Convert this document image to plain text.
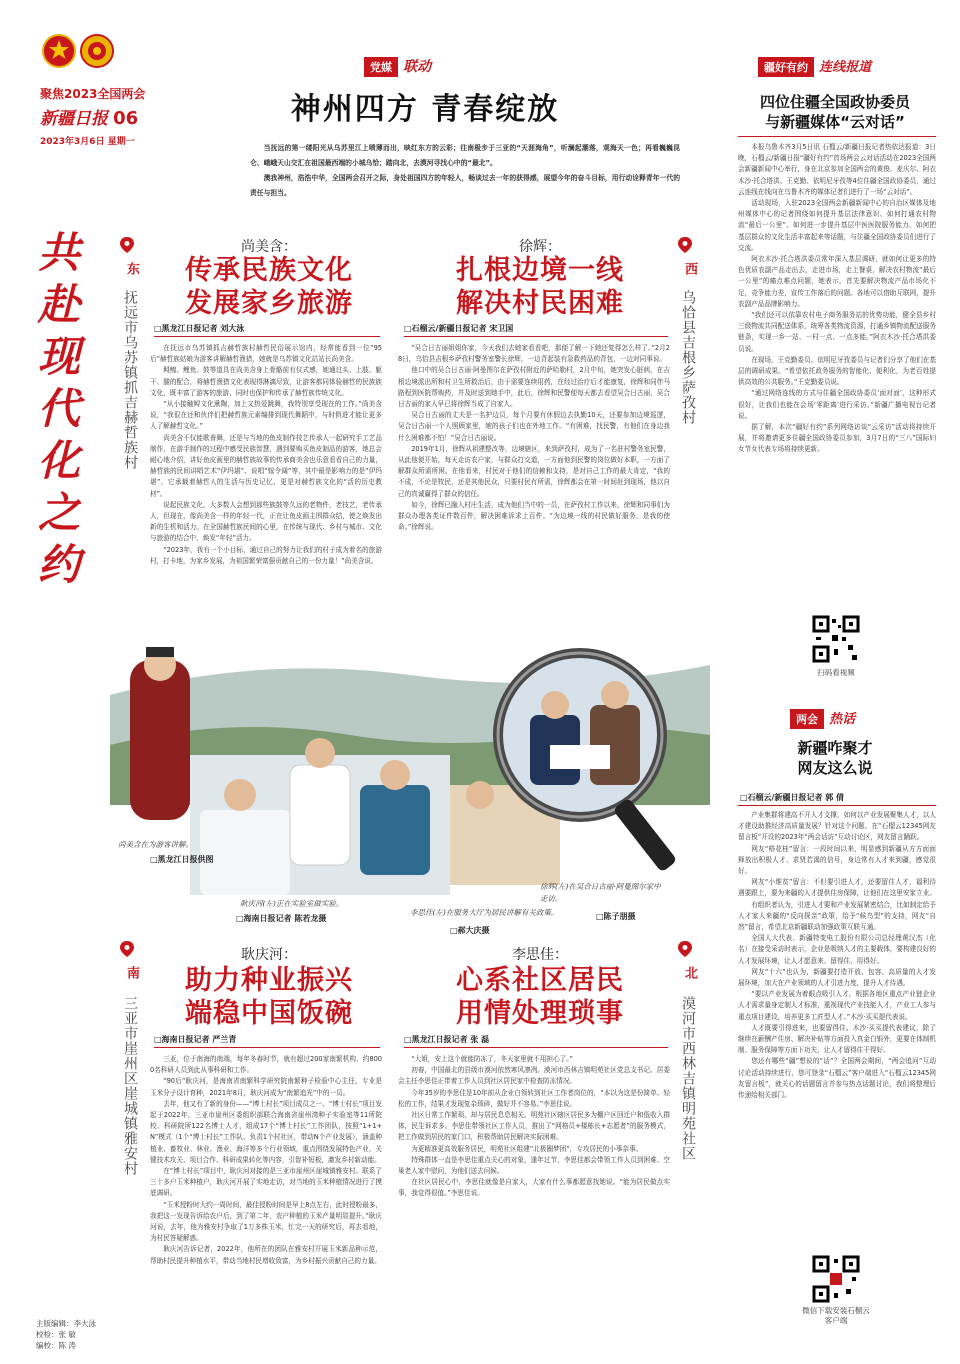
聚焦2023全国两会
新疆日报 06
2023年3月6日 星期一
共赴现代化之约
党媒 联动
神州四方 青春绽放
当抚远的第一缕阳光从乌苏里江上喷薄而出，映红东方的云彩；往南极步于三亚的“天涯海角”，听澜起潮落，观海天一色；再看巍巍昆仑、峨峨天山交汇在祖国最西端的小城乌恰；踏向北，去漠河寻找心中的“最北”。
澳我神州，浩浩中华，全国两会召开之际，身处祖国四方的年轻人，畅谈过去一年的获得感，展望今年的奋斗目标，用行动诠释青年一代的责任与担当。
东
抚远市乌苏镇抓吉赫哲族村
尚美含：
传承民族文化
发展家乡旅游
□黑龙江日报记者 刘大泳

在抚远市乌苏镇抓吉赫哲族村赫哲民俗展示馆内，经常能看到一位“95后”赫哲族姑娘为游客讲解赫哲渔猎，她就是乌苏镇文化站站长尚美含。

鲟鳇、鲤鱼、鼓等道具在尚美含身上骨骼前有仪式感，她通过头、上肢、躯干、腿的配合，将赫哲渔猎文化表现得淋漓尽致，让游客都同体验赫哲的民族族文化，既丰富了游客的旅游，同时也保护和传承了赫哲族传统文化。

“从小接触鲟文化熏陶，加上又热爱跳舞，我特别享受现在的工作。”尚美含说，“我很在还和伙伴们把赫哲族元素编排到现代舞蹈中，与时俱进才能让更多人了解赫哲文化。”

尚美含不仅能歌善舞，还是与当地的鱼皮制作技艺传承人一起研究手工艺品制作，在游手制作的过程中感受民族智慧，遇到要购买鱼皮制品的游客，她总会耐心地介绍，讲好鱼皮画里的赫哲族故事的传承商美含也乐意看看自己的力量，赫哲族的民间讲唱艺术“伊玛堪”、说唱“嫁令阔”等，其中最是影响力的是“伊玛堪”，它承载着赫哲人的生活与历史记忆，更是对赫哲族文化的“活的历史教材”。

说起民族文化，大多数人会想到那些族鼓等久远的老物件，老技艺，老传承人，但现在，像尚美含一样的年轻一代，正在让鱼皮画主围群众结，使之焕发出新的生机和活力。在全国赫哲族民间的心里，在传统与现代、乡村与城市、文化与旅游的结合中，焕发“年轻”活力。

“2023年，我有一个小目标，通过自己的努力让我们的村子成为着名的旅游村，打卡地，为家乡发展，为祖国繁荣富强贡献自己的一份力量！”尚美含说。

西
乌恰县吉根乡萨孜村
徐辉：
扎根边境一线
解决村民困难
□石榴云/新疆日报记者 宋卫国

“吴合日古丽姐姐你家，今天我们去她家看看吧，那便了解一下她还复得怎么样了。”2月28日，乌恰县吉根乡萨孜村警务室警长徐辉，一边背起装有急救药品的背包，一边对同事说。

他口中的吴合日古丽·阿曼图尔在萨孜村附近的萨哈勒村，2月中旬，她突发心脏病，在吉根边境派出所和村卫生所救治后，由于需要连续用药，在经过治疗后才能康复，徐辉和同伴马路程到医院帮购药，并及时送到她手中，此后，徐辉和民警便每天都去看望吴合日古丽，吴合日古丽的家人早已将徐辉当成了自家人。

吴合日古丽的丈夫是一名护边员，每个月要有休假边去执勤10天，还要参加边境巡逻，吴合日古丽一个人照顾家里，她的孩子们也在外地工作。“有困难，找民警，有他们在身边我什么困难都不怕！”吴合日古丽说。

2019年1月，徐辉从祖建整改等，边境辖区，来到萨孜村，成为了一名驻村警务室民警，从此他便开始，每天走访农户家，与群众打交道，一方面他到民警的岗位做好本职，一方面了解群众所需所困。在他看来，村民对于他们的信赖和支持，是对自己工作的最大肯定，“我的不成，不论是牧民，还是其他民众，只要村民有所需，徐辉都会在第一时间赶到现场，他以自己的真诚赢得了群众的信任。

如今，徐辉已融入村庄生活，成为他们当中的一员，在萨孜村工作以来，徐辉和同事们为群众办理各类证件数百件，解决困难诉求上百件。“为边境一线的村民做好服务，是我的使命。”徐辉说。

尚美含在为游客讲解。
□黑龙江日报供图
耿庆河(左)正在实验室做实验。
□海南日报记者 陈若龙摄
李思佳(左)在服务大厅为居民讲解有关政策。
□郝大庆摄
徐辉(左)在吴合日古丽·阿曼图尔家中走访。
□陈子朋摄
南
三亚市崖州区崖城镇雅安村
耿庆河：
助力种业振兴
端稳中国饭碗
□海南日报记者 严兰青

三亚，位于南海的南端，每年冬春时节，就有超过200家南繁机构、约8000名科研人员到此从事科研和工作。

“90后”耿庆河，是海南省南繁科学研究院南繁种子检验中心主任，专业是玉米分子设计育种，2021年8月，耿庆河成为“南繁追光”中的一员。

去年，他又有了新的身份——“博士村长”项目成员之一。“博士村长”项目发起于2022年，三亚市崖州区委组织部联合海南省崖州湾种子实验室等11所院校、科研院所122名博士人才，组成17个“博士村长”工作团队，按照“1+1+N”模式（1个“博士村长”工作队、负责1个村社区，带动N个产业发展），涵盖种植业、畜牧业、林业、渔业、海洋等多个行业领域，重点围绕发展特色产业、关键技术攻关、项目合作、科研成果转化等内容，引智补短板，激发乡村新动能。

在“博士村长”项目中，耿庆河对接的是三亚市崖州区崖城镇雅安村。联系了三十多户玉米种植户，耿庆河开展了实地走访，对当地的玉米种植情况进行了摸底调研。

“玉米授粉时大约一周时间，最佳授粉时间是早上8点左右，此时授粉最多，我把这一发现告诉给农户后，到了第二年，农户种植的玉米产量明显提升。”耿庆河说，去年，他为雅安村争取了1万多株玉米，忙完一天的研究后，再去看地，为村民答疑解惑。

耿庆河告诉记者，2022年，他所在的团队在雅安村开展玉米新品种示范，帮助村民提升种植水平，带动当地村民增收致富，为乡村振兴贡献自己的力量。

北
漠河市西林吉镇明苑社区
李思佳：
心系社区居民
用情处理琐事
□黑龙江日报记者 张 磊

“大姐，安上这个就能防冻了，冬天家里就不用担心了。”

初春，中国最北的县级市漠河依然寒风凛冽。漠河市西林吉镇明苑社区党总支书记、居委会主任李思佳正带着工作人员到社区居民家中检查防冻情况。

今年35岁的李思佳是10年前从企业白领转到社区工作者岗位的，“本以为这是份简单、轻松的工作，结果才发现复杂琐碎，做好并不容易。”李思佳说。

社区日常工作繁琐，却与居民息息相关。明苑社区辖区居民多为棚户区回迁户和低收入群体，民生诉求多。李思佳带领社区工作人员，推出了“网格员+楼栋长+志愿者”的服务模式，把工作做到居民的家门口，积极帮助居民解决实际困难。

为更精准更高效服务居民，明苑社区组建“北极圈梦团”，专攻居民的小事杂事。

特殊群体一直是李思佳重点关心的对象，逢年过节，李思佳都会带领工作人员到困难、空巢老人家中慰问，为他们送去问候。

在社区居民心中，李思佳就像是自家人，大家有什么事都愿意找她说。“能为居民做点实事，我觉得很值。”李思佳说。

主版编辑：李大泳
校检：张 敏
编校：陈 涛
疆好有约 连线报道
四位住疆全国政协委员
与新疆媒体“云对话”

本报乌鲁木齐3月5日讯 石榴云/新疆日报记者热依达报道：3日晚，石榴云/新疆日报“疆好有约”首场两会云对话活动在2023全国两会新疆新闻中心举行，身在北京参加全国两会的黄俊、麦庆尔、阿衣木沙·托合塔洪、王克勤、依明尼牙孜等4位住疆全国政协委员，通过云连线在线向在乌鲁木齐的媒体记者们进行了一场“云对话”。

活动现场，入驻2023全国两会新疆新闻中心的自治区媒体及地州媒体中心的记者围绕如何提升基层法律意识、如何打通农村物流“最后一公里”、如何进一步提升基层中医医院服务能力、如何把基层群众的文化生活丰富起来等话题，与住疆全国政协委员们进行了交流。

阿衣木沙·托合塔洪委员常年深入基层调研，就如何让更多的特色优质农副产品走出去，走进市场，走上餐桌，解决农村物流“最后一公里”的痛点难点问题，她表示，首先要解决物流产品市场化不足，竞争能力差，宣传工作落后的问题。各地可以借助互联网，提升农副产品品牌影响力。

“我们还可以依靠农村电子商务服务站的优势功能，健全县乡村三级物流共同配送体系，统筹各类物流资源，打通乡镇物流配送服务链条，实现一乡一站、一村一点、一点多能。”阿衣木沙·托合塔洪委员说。

在现场，王克勤委员、依明尼牙孜委员与记者们分享了他们在基层的调研成果。“希望依托政务服务的智能化、便利化，为老百姓提供高效的公共服务。”王克勤委员说。

“通过网络连线的方式与住疆全国政协委员‘面对面’，这种形式很好，让我们也能在会场‘零距离’进行采访。”新疆广播电视台记者说。

据了解，本次“疆好有约”系列网络访谈“云采访”活动将持续开展，并将邀请更多住疆全国政协委员参加，3月7日的“三八”国际妇女节女代表专场将持续更新。

扫码看视频
两会 热话
新疆咋聚才
网友这么说
□石榴云/新疆日报记者 郭 倩

产业集群将建高不开人才支撑，如何以产业发展聚集人才，以人才建设助推经济高质量发展？针对这个问题，在“石榴云12345网友留言板”开设的2023年“两会话访”互动讨论区，网友留言踊跃。

网友“格花桂”留言：一段时间以来，明显感到新疆从方方面面释放出积极人才、求贤若渴的信号，身边常有人才来到疆，感觉很好。

网友“小维贫”留言：不但要引进人才，还要留住人才，福利待遇要跟上，要为来疆的人才提供住房保障，让他们在这里安家立业。

有组织者认为，引进人才要和产业发展紧密结合，比如制定给予人才家人来疆的“反向探亲”政策，给予“候鸟型”的支持，网友“自然”留言，希望北京新疆联动加强政策互联互通。

全国人大代表、新疆特变电工股份有限公司总经理黄汉杰（化名）在接受采访时表示，企业是吸纳人才的主要载体，要构建良好的人才发展环境，让人才愿意来、留得住、用得好。

网友“十六”也认为，新疆要打造开放、包容、高质量的人才发展环境，加大在产业领域的人才引进力度，提升人才待遇。

“要以产业发展为着眼点吸引人才，根据各地区重点产业链企业人才需求量身定制人才标准，重视现代产业技能人才，产业工人参与重点项目建设，培养更多工匠型人才。”木沙·买买提代表说。

人才既要引得进来，也要留得住。木沙·买买提代表建议，除了继续在薪酬产住房、解决补贴等方面投入真金白银外，更要在体制机制、服务保障等方面下功夫，让人才留得住干得好。

您还有哪些“疆”想说的“话”？全国两会期间，“两会追问”互动讨论活动持续进行，您可登录“石榴云”客户端进入“石榴云12345网友留言板”，就关心的话题留言并参与热点话题讨论，我们将整理后传递给相关部门。

微信下载安装石榴云客户端
